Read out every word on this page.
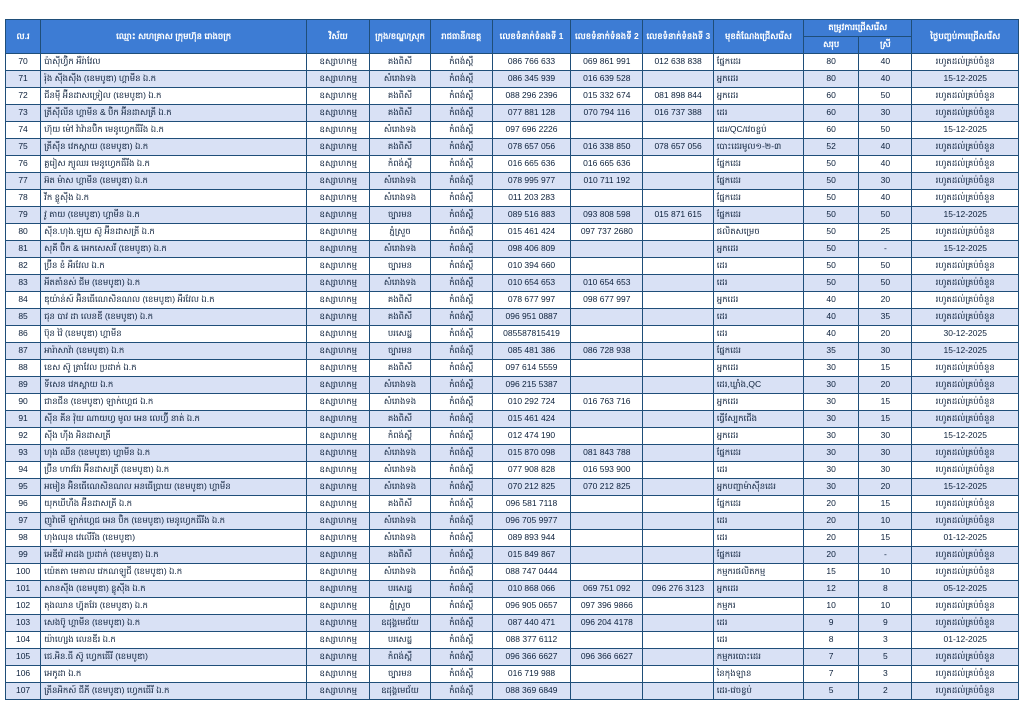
ល.រ	ឈ្មោះ សហគ្រាស ក្រុមហ៊ុន រោងចក្រ	វិស័យ	ក្រុង/ខណ្ឌ/ស្រុក	រាជធានី/ខេត្ត	លេខទំនាក់ទំនងទី 1	លេខទំនាក់ទំនងទី 2	លេខទំនាក់ទំនងទី 3	មុខតំណែងជ្រើសរើស	តម្រូវការជ្រើសរើស		ថ្ងៃបញ្ចប់ការជ្រើសរើស
									សរុប	ស្រី	
70	ប៉ាស៊ីហ្វ៊ិក អឺរ៉ាវែល	ឧស្សាហកម្ម	គងពិសី	កំពង់ស្ពឺ	086 766 633	069 861 991	012 638 838	ផ្នែកដេរ	80	40	រហូតដល់គ្រប់ចំនួន
71	រ៉ុង ស៊ីងស៊ីង (ខេមបូឌា) ហ្គាមីន ឯ.ក	ឧស្សាហកម្ម	សំរោងទង	កំពង់ស្ពឺ	086 345 939	016 639 528		អ្នកដេរ	80	40	15-12-2025
72	ជីនម៉ី អ៊ីនដាសទ្រៀល (ខេមបូឌា) ឯ.ក	ឧស្សាហកម្ម	គងពិសី	កំពង់ស្ពឺ	088 296 2396	015 332 674	081 898 844	អ្នកដេរ	60	50	រហូតដល់គ្រប់ចំនួន
73	ត្រីស៊ីលីន ហ្គាមីន & ប៊ិក អ៊ីនដាសត្រី ឯ.ក	ឧស្សាហកម្ម	គងពិសី	កំពង់ស្ពឺ	077 881 128	070 794 116	016 737 388	ដេរ	60	30	រហូតដល់គ្រប់ចំនួន
74	ហ៊ុយ ម៉ៅ វ៉ាវ៉ានប៊ិក មេនូហ្វេកធឺរីង ឯ.ក	ឧស្សាហកម្ម	សំរោងទង	កំពង់ស្ពឺ	097 696 2226			ដេរ/QC/វេចខ្ចប់	60	50	15-12-2025
75	ត្រីស៊ីន វេកស្តាយ (ខេមបូឌា) ឯ.ក	ឧស្សាហកម្ម	គងពិសី	កំពង់ស្ពឺ	078 657 056	016 338 850	078 657 056	បោះដេរមូល១-២-៣	52	40	រហូតដល់គ្រប់ចំនួន
76	គ្លរៀស ភ្យូឈរ មេនូហ្វេកធឺរីង ឯ.ក	ឧស្សាហកម្ម	កំពង់ស្ពឺ	កំពង់ស្ពឺ	016 665 636	016 665 636		ផ្នែកដេរ	50	40	រហូតដល់គ្រប់ចំនួន
77	អ៊ត ម៉ាស ហ្គាមីន (ខេមបូឌា) ឯ.ក	ឧស្សាហកម្ម	សំរោងទង	កំពង់ស្ពឺ	078 995 977	010 711 192		ផ្នែកដេរ	50	30	រហូតដល់គ្រប់ចំនួន
78	វីក ខ្លូស៊ីង ឯ.ក	ឧស្សាហកម្ម	សំរោងទង	កំពង់ស្ពឺ	011 203 283			ផ្នែកដេរ	50	40	រហូតដល់គ្រប់ចំនួន
79	វូ តាយ (ខេមបូឌា) ហ្គាមីន ឯ.ក	ឧស្សាហកម្ម	ច្បារមន	កំពង់ស្ពឺ	089 516 883	093 808 598	015 871 615	ផ្នែកដេរ	50	50	15-12-2025
80	ស៊ីន.ហុង.ឡុយ ស៊ូ អ៊ីនដាសត្រី ឯ.ក	ឧស្សាហកម្ម	ភ្នំស្រួច	កំពង់ស្ពឺ	015 461 424	097 737 2680		ផលិតសម្រេច	50	25	រហូតដល់គ្រប់ចំនួន
81	សុគី ប៊ិក & អេកសេសរី (ខេមបូឌា) ឯ.ក	ឧស្សាហកម្ម	សំរោងទង	កំពង់ស្ពឺ	098 406 809			អ្នកដេរ	50	-	15-12-2025
82	ប្រ៊ីន ខំ អឺរវែល ឯ.ក	ឧស្សាហកម្ម	ច្បារមន	កំពង់ស្ពឺ	010 394 660			ដេរ	50	50	រហូតដល់គ្រប់ចំនួន
83	អីតតាំនស់ ជីម (ខេមបូឌា) ឯ.ក	ឧស្សាហកម្ម	សំរោងទង	កំពង់ស្ពឺ	010 654 653	010 654 653		ដេរ	50	50	រហូតដល់គ្រប់ចំនួន
84	ឌុយ៉ាន់ស៍ អ៊ិនធើណេសិនណល (ខេមបូឌា) អឺរវែល ឯ.ក	ឧស្សាហកម្ម	គងពិសី	កំពង់ស្ពឺ	078 677 997	098 677 997		អ្នកដេរ	40	20	រហូតដល់គ្រប់ចំនួន
85	ជុន បាវ ដា លេនឌី (ខេមបូឌា) ឯ.ក	ឧស្សាហកម្ម	គងពិសី	កំពង់ស្ពឺ	096 951 0887			ដេរ	40	35	រហូតដល់គ្រប់ចំនួន
86	ប៊ុន វ៉ៃ (ខេមបូឌា) ហ្គាមីន	ឧស្សាហកម្ម	បរសេដ្ឋ	កំពង់ស្ពឺ	085587815419			ដេរ	40	20	30-12-2025
87	អារ៉ាសាវ៉ា (ខេមបូឌា) ឯ.ក	ឧស្សាហកម្ម	ច្បារមន	កំពង់ស្ពឺ	085 481 386	086 728 938		ផ្នែកដេរ	35	30	15-12-2025
88	ខេស ស៊ូ ត្រាវែល ប្រដាក់ ឯ.ក	ឧស្សាហកម្ម	គងពិសី	កំពង់ស្ពឺ	097 614 5559			អ្នកដេរ	30	15	រហូតដល់គ្រប់ចំនួន
89	ទីសេន វេកស្តាយ ឯ.ក	ឧស្សាហកម្ម	សំរោងទង	កំពង់ស្ពឺ	096 215 5387			ដេរ,ឃ្លាំង,QC	30	20	រហូតដល់គ្រប់ចំនួន
90	ជានជីន (ខេមបូឌា) ឡាក់ហ្គេជ ឯ.ក	ឧស្សាហកម្ម	សំរោងទង	កំពង់ស្ពឺ	010 292 724	016 763 716		អ្នកដេរ	30	15	រហូតដល់គ្រប់ចំនួន
91	ស៊ីន គីន វ៉ុយ ណាយហ្វ មូល អេន លេហ្វ៊ី នាត់ ឯ.ក	ឧស្សាហកម្ម	គងពិសី	កំពង់ស្ពឺ	015 461 424			ធ្វើស្បែកជើង	30	15	រហូតដល់គ្រប់ចំនួន
92	ស៊ីង ហ៊ីង អិនដាសត្រី	ឧស្សាហកម្ម	កំពង់ស្ពឺ	កំពង់ស្ពឺ	012 474 190			អ្នកដេរ	30	30	15-12-2025
93	ហុង ឈីន (ខេមបូឌា) ហ្គាមីន ឯ.ក	ឧស្សាហកម្ម	សំរោងទង	កំពង់ស្ពឺ	015 870 098	081 843 788		ផ្នែកដេរ	30	30	រហូតដល់គ្រប់ចំនួន
94	ប្រ៊ីន ហាវវែរ អ៊ីនដាសត្រី (ខេមបូឌា) ឯ.ក	ឧស្សាហកម្ម	សំរោងទង	កំពង់ស្ពឺ	077 908 828	016 593 900		ដេរ	30	30	រហូតដល់គ្រប់ចំនួន
95	អមៀន អ៊ិនធើណេសិនណល អនធើប្រាយ (ខេមបូឌា) ហ្គាមីន	ឧស្សាហកម្ម	សំរោងទង	កំពង់ស្ពឺ	070 212 825	070 212 825		អ្នកបញ្ជាម៉ាស៊ីនដេរ	30	20	15-12-2025
96	យុកឃីហឺង អ៊ីនដាសត្រី ឯ.ក	ឧស្សាហកម្ម	គងពិសី	កំពង់ស្ពឺ	096 581 7118			ផ្នែកដេរ	20	15	រហូតដល់គ្រប់ចំនួន
97	ញូវ៉ាមើ ឡាក់ហ្គេជ អេន ប៊ិក (ខេមបូឌា) មេនូហ្វេកធឺរីង ឯ.ក	ឧស្សាហកម្ម	សំរោងទង	កំពង់ស្ពឺ	096 705 9977			ដេរ	20	10	រហូតដល់គ្រប់ចំនួន
98	ហុងឈុន វេលើរីង (ខេមបូឌា)	ឧស្សាហកម្ម	សំរោងទង	កំពង់ស្ពឺ	089 893 944			ដេរ	20	15	01-12-2025
99	អេឌីវ៉េ អាដង ប្រដាក់ (ខេមបូឌា) ឯ.ក	ឧស្សាហកម្ម	គងពិសី	កំពង់ស្ពឺ	015 849 867			ផ្នែកដេរ	20	-	រហូតដល់គ្រប់ចំនួន
100	យ៉េតតា មេតាល វេកណឡូជី (ខេមបូឌា) ឯ.ក	ឧស្សាហកម្ម	សំរោងទង	កំពង់ស្ពឺ	088 747 0444			កម្មករផលិតកម្ម	15	10	រហូតដល់គ្រប់ចំនួន
101	សានស៊ីង (ខេមបូឌា) ខ្លូស៊ីង ឯ.ក	ឧស្សាហកម្ម	បរសេដ្ឋ	កំពង់ស្ពឺ	010 868 066	069 751 092	096 276 3123	អ្នកដេរ	12	8	05-12-2025
102	តុងឈាន ហ្វ៊ុតវែរ (ខេមបូឌា) ឯ.ក	ឧស្សាហកម្ម	ភ្នំស្រួច	កំពង់ស្ពឺ	096 905 0657	097 396 9866		កម្មករ	10	10	រហូតដល់គ្រប់ចំនួន
103	សេងប៊ូ ហ្គាមីន (ខេមបូឌា) ឯ.ក	ឧស្សាហកម្ម	ឧដុង្គមេជ័យ	កំពង់ស្ពឺ	087 440 471	096 204 4178		ដេរ	9	9	រហូតដល់គ្រប់ចំនួន
104	យ៉ាហ្សេង លេនឌីរ ឯ.ក	ឧស្សាហកម្ម	បរសេដ្ឋ	កំពង់ស្ពឺ	088 377 6112			ដេរ	8	3	01-12-2025
105	ជេ.អិន.ធី ស៊ូ ហ្វេកធើរី (ខេមបូឌា)	ឧស្សាហកម្ម	កំពង់ស្ពឺ	កំពង់ស្ពឺ	096 366 6627	096 366 6627		កម្មករបោះដេរ	7	5	រហូតដល់គ្រប់ចំនួន
106	អេកូដា ឯ.ក	ឧស្សាហកម្ម	ច្បារមន	កំពង់ស្ពឺ	016 719 988			នៃកុងឡាន	7	3	រហូតដល់គ្រប់ចំនួន
107	ត្រីនអិកស៍ ជីភី (ខេមបូឌា) ហ្វេកធើរី ឯ.ក	ឧស្សាហកម្ម	ឧដុង្គមេជ័យ	កំពង់ស្ពឺ	088 369 6849			ដេរ-វេចខ្ចប់	5	2	រហូតដល់គ្រប់ចំនួន
